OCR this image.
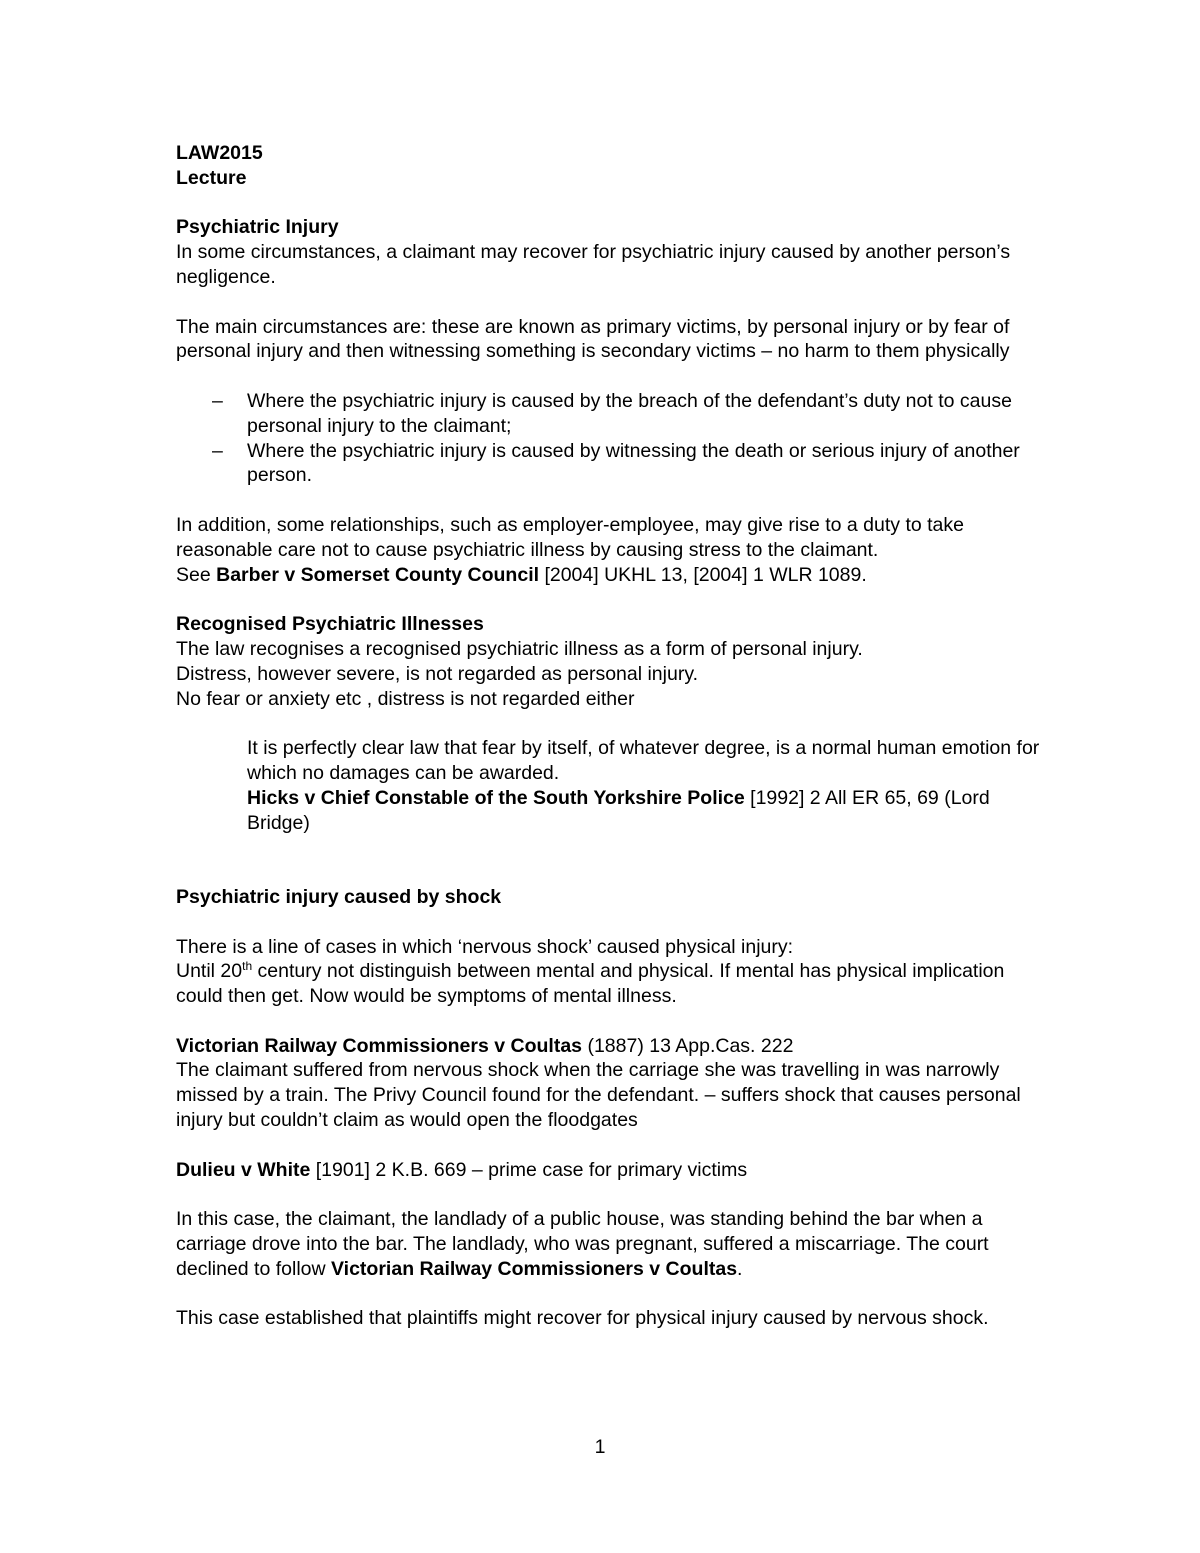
LAW2015

Lecture

Psychiatric Injury

In some circumstances, a claimant may recover for psychiatric injury caused by another person’s negligence.

The main circumstances are: these are known as primary victims, by personal injury or by fear of personal injury and then witnessing something is secondary victims – no harm to them physically

– Where the psychiatric injury is caused by the breach of the defendant’s duty not to cause personal injury to the claimant;
– Where the psychiatric injury is caused by witnessing the death or serious injury of another person.

In addition, some relationships, such as employer-employee, may give rise to a duty to take reasonable care not to cause psychiatric illness by causing stress to the claimant.
See Barber v Somerset County Council [2004] UKHL 13, [2004] 1 WLR 1089.

Recognised Psychiatric Illnesses

The law recognises a recognised psychiatric illness as a form of personal injury.

Distress, however severe, is not regarded as personal injury.

No fear or anxiety etc , distress is not regarded either

It is perfectly clear law that fear by itself, of whatever degree, is a normal human emotion for which no damages can be awarded.

Hicks v Chief Constable of the South Yorkshire Police [1992] 2 All ER 65, 69 (Lord Bridge)

Psychiatric injury caused by shock

There is a line of cases in which ‘nervous shock’ caused physical injury:

Until 20th century not distinguish between mental and physical. If mental has physical implication could then get. Now would be symptoms of mental illness.

Victorian Railway Commissioners v Coultas (1887) 13 App.Cas. 222

The claimant suffered from nervous shock when the carriage she was travelling in was narrowly missed by a train. The Privy Council found for the defendant. – suffers shock that causes personal injury but couldn’t claim as would open the floodgates

Dulieu v White [1901] 2 K.B. 669 – prime case for primary victims

In this case, the claimant, the landlady of a public house, was standing behind the bar when a carriage drove into the bar. The landlady, who was pregnant, suffered a miscarriage. The court declined to follow Victorian Railway Commissioners v Coultas.

This case established that plaintiffs might recover for physical injury caused by nervous shock.

1
